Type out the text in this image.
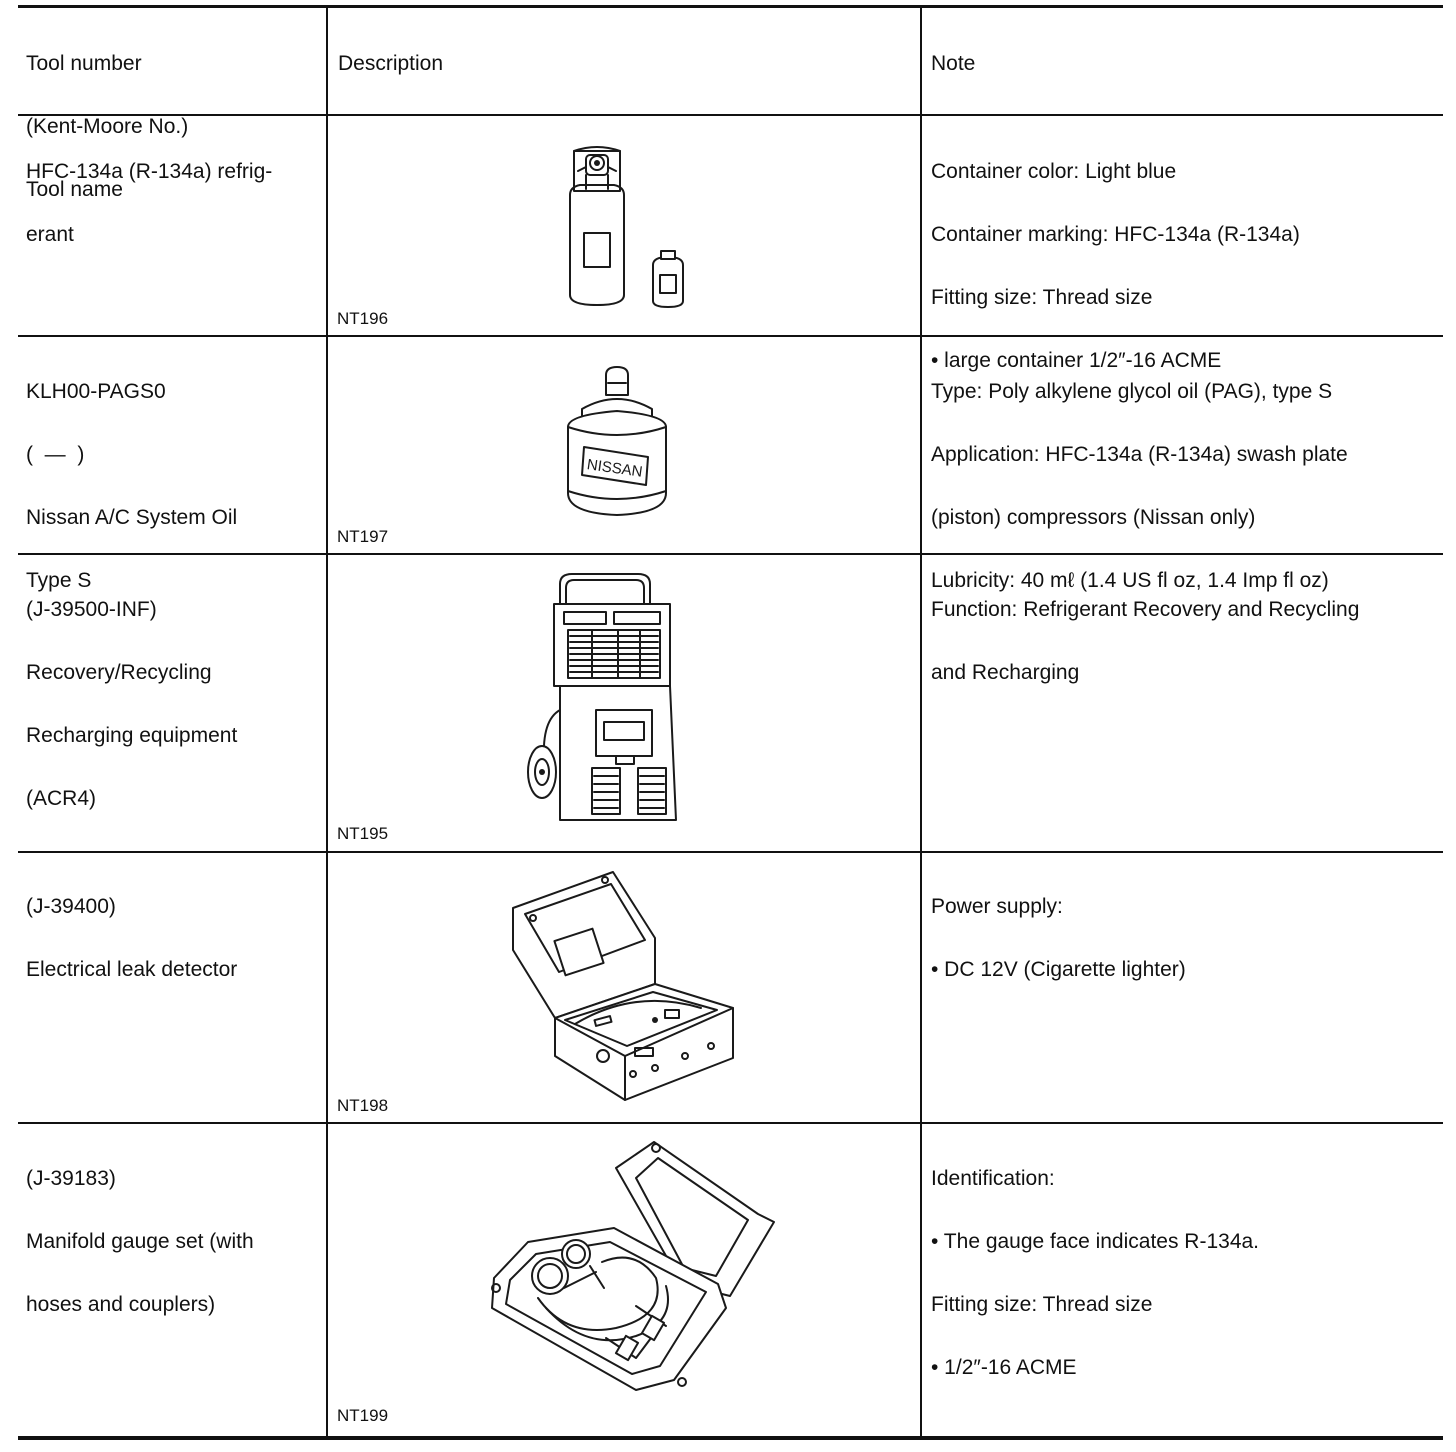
Tool number

(Kent-Moore No.)

Tool name

Description	Note

HFC-134a (R-134a) refrig-

erant

NT196

Container color: Light blue

Container marking: HFC-134a (R-134a)

Fitting size: Thread size

• large container 1/2″-16 ACME

KLH00-PAGS0

(  —  )

Nissan A/C System Oil

Type S

NISSAN
NT197

Type: Poly alkylene glycol oil (PAG), type S

Application: HFC-134a (R-134a) swash plate

(piston) compressors (Nissan only)

Lubricity: 40 mℓ (1.4 US fl oz, 1.4 Imp fl oz)

(J-39500-INF)

Recovery/Recycling

Recharging equipment

(ACR4)

NT195

Function: Refrigerant Recovery and Recycling

and Recharging

(J-39400)

Electrical leak detector

NT198

Power supply:

• DC 12V (Cigarette lighter)

(J-39183)

Manifold gauge set (with

hoses and couplers)

NT199

Identification:

• The gauge face indicates R-134a.

Fitting size: Thread size

• 1/2″-16 ACME
